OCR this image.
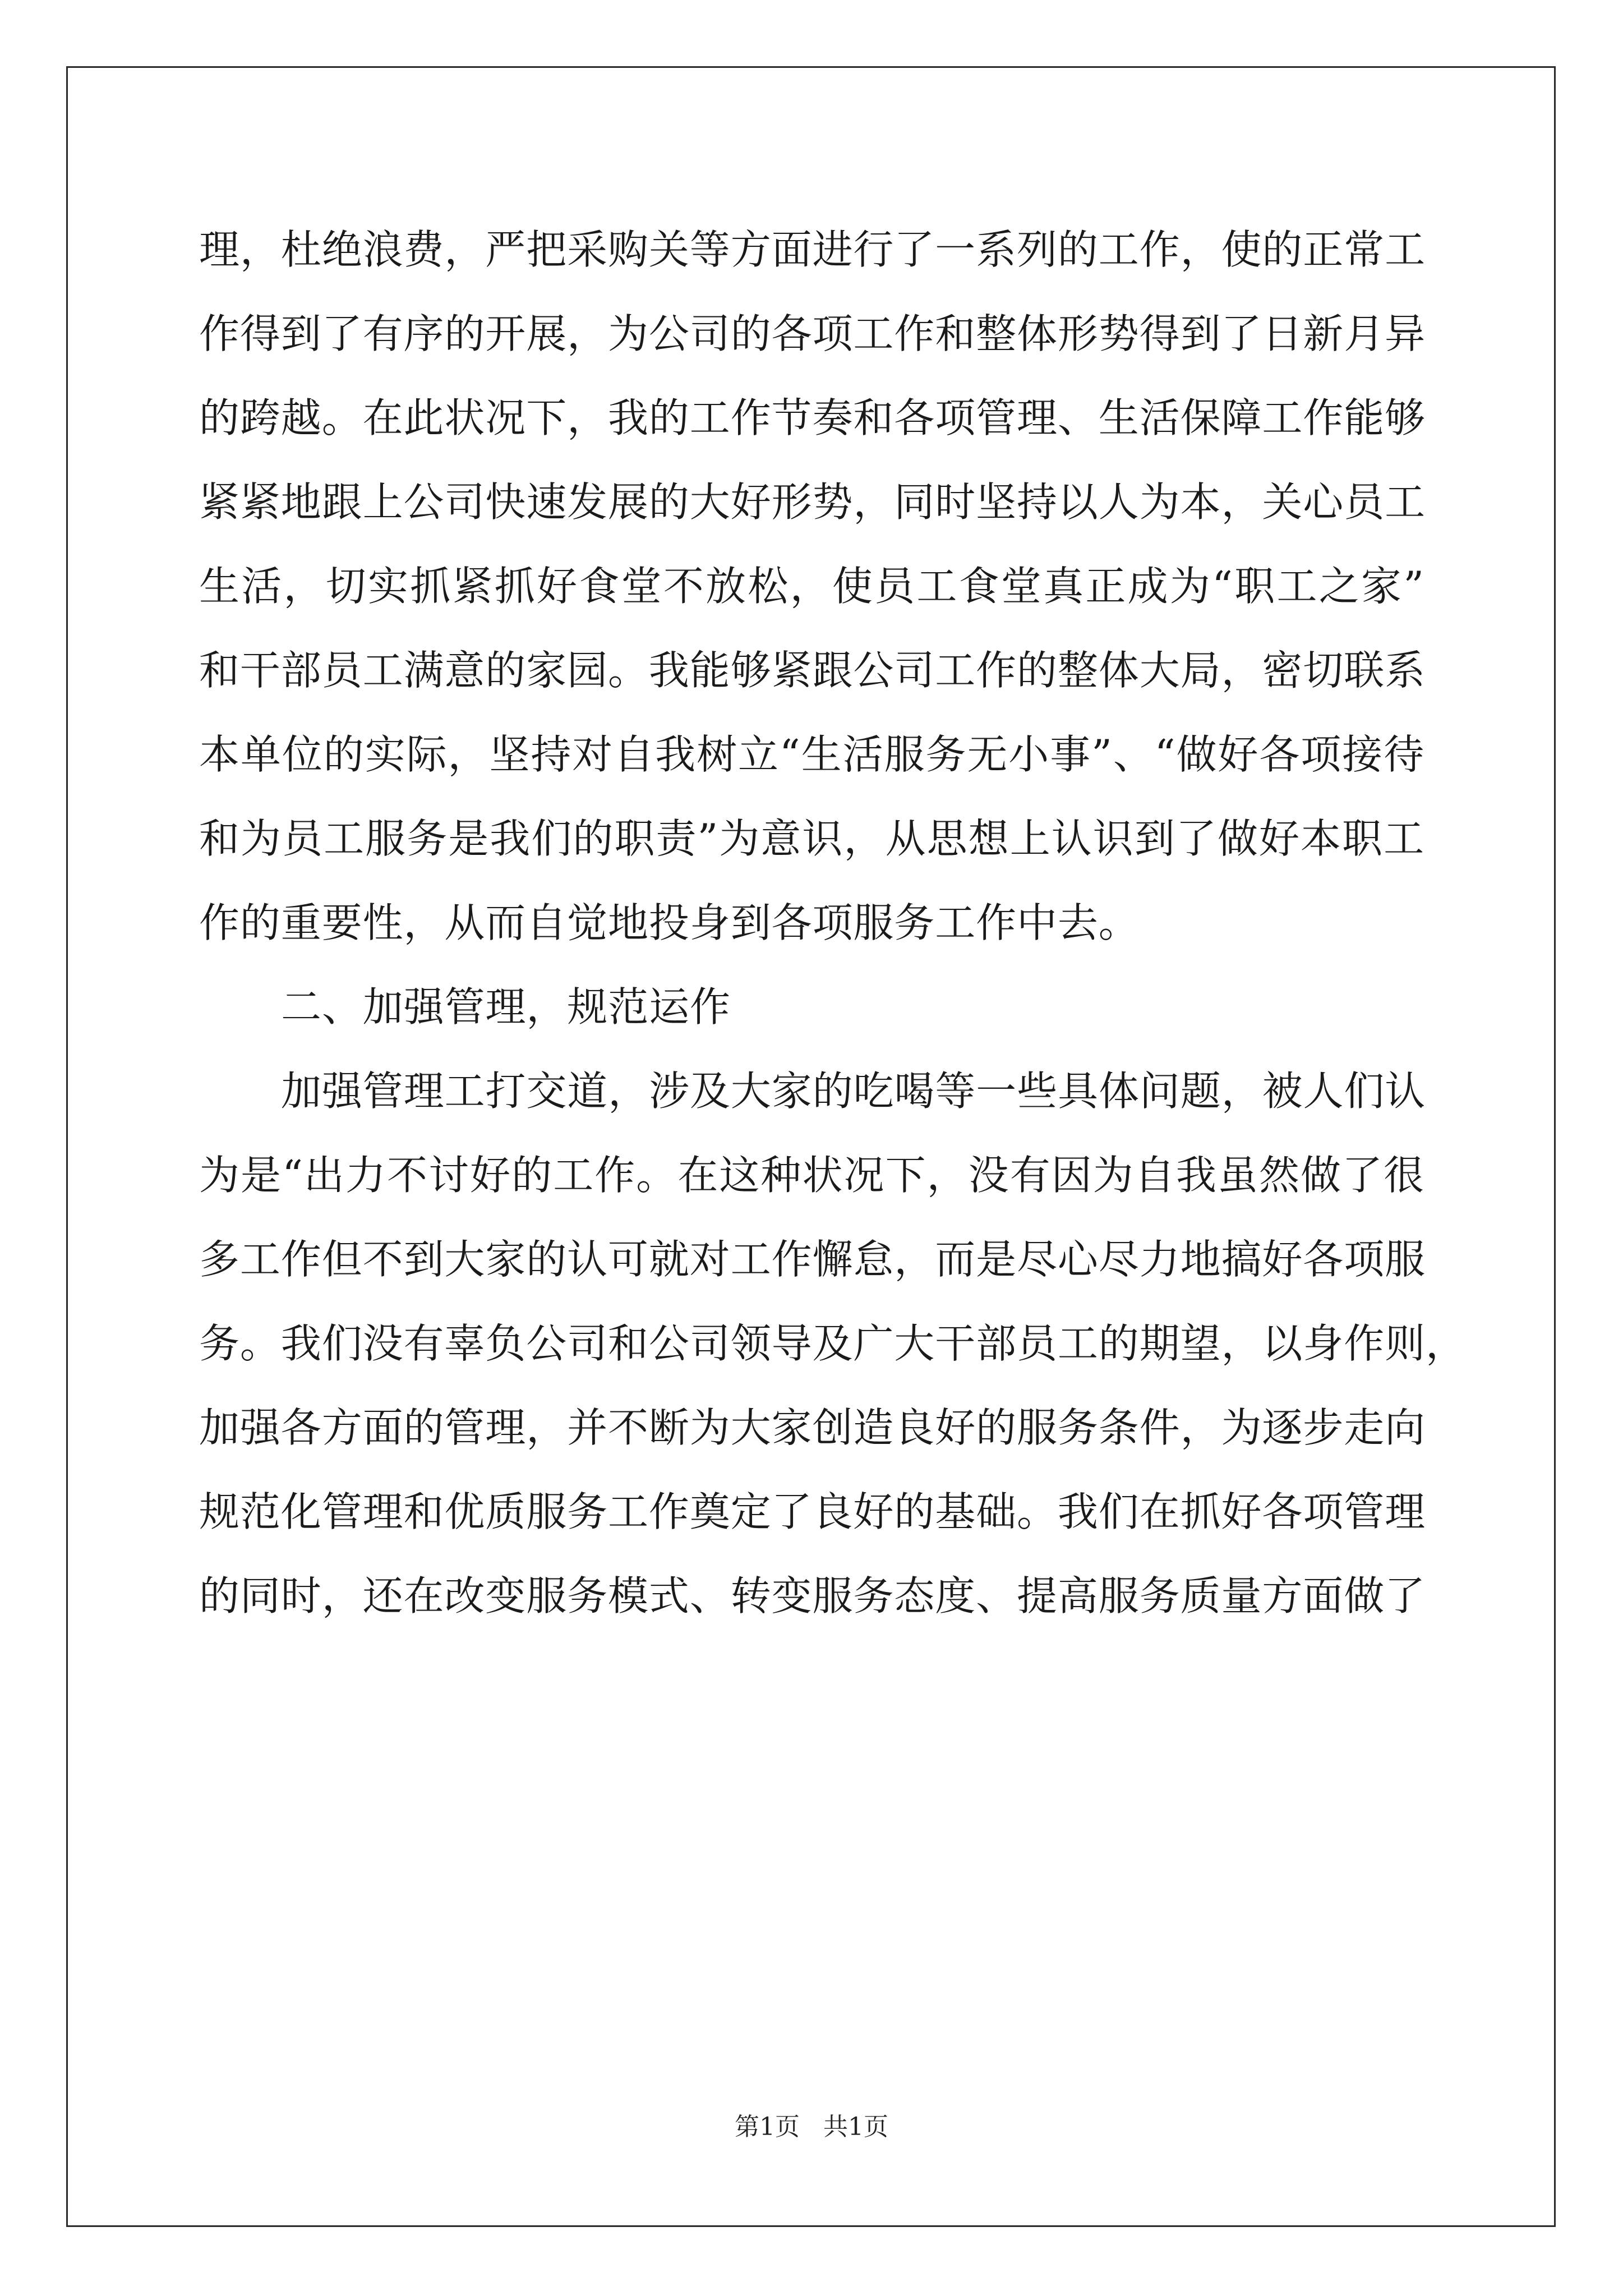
理，杜绝浪费，严把采购关等方面进行了一系列的工作，使的正常工
作得到了有序的开展，为公司的各项工作和整体形势得到了日新月异
的跨越。在此状况下，我的工作节奏和各项管理、生活保障工作能够
紧紧地跟上公司快速发展的大好形势，同时坚持以人为本，关心员工
生活，切实抓紧抓好食堂不放松，使员工食堂真正成为“职工之家”
和干部员工满意的家园。我能够紧跟公司工作的整体大局，密切联系
本单位的实际，坚持对自我树立“生活服务无小事”、“做好各项接待
和为员工服务是我们的职责”为意识，从思想上认识到了做好本职工
作的重要性，从而自觉地投身到各项服务工作中去。
二、加强管理，规范运作
加强管理工打交道，涉及大家的吃喝等一些具体问题，被人们认
为是“出力不讨好的工作。在这种状况下，没有因为自我虽然做了很
多工作但不到大家的认可就对工作懈怠，而是尽心尽力地搞好各项服
务。我们没有辜负公司和公司领导及广大干部员工的期望，以身作则，
加强各方面的管理，并不断为大家创造良好的服务条件，为逐步走向
规范化管理和优质服务工作奠定了良好的基础。我们在抓好各项管理
的同时，还在改变服务模式、转变服务态度、提高服务质量方面做了
第1页   共1页
